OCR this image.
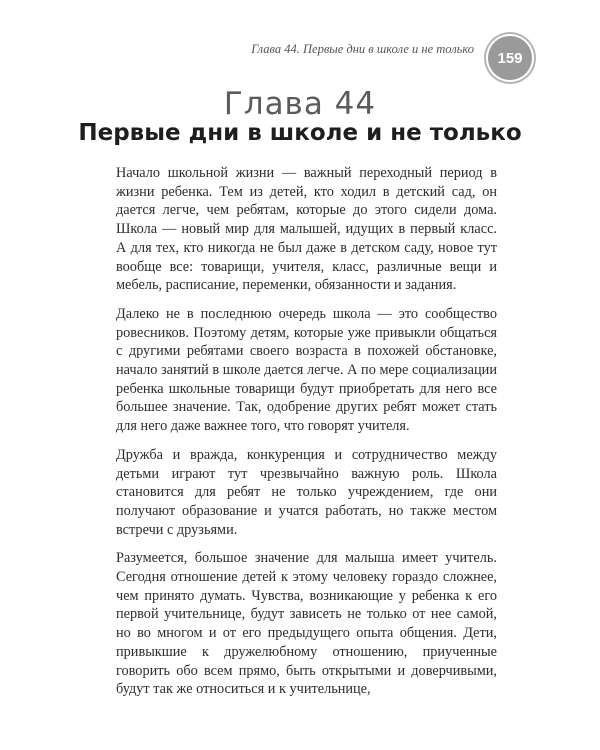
Глава 44. Первые дни в школе и не только
159
Глава 44
Первые дни в школе и не только

Начало школьной жизни — важный переходный период в жизни ребенка. Тем из детей, кто ходил в детский сад, он дается легче, чем ребятам, которые до этого сидели дома. Школа — новый мир для малышей, идущих в первый класс. А для тех, кто никогда не был даже в детском саду, новое тут вообще все: товарищи, учителя, класс, различные вещи и мебель, расписание, переменки, обязанности и задания.

Далеко не в последнюю очередь школа — это сообщество ровесников. Поэтому детям, которые уже привыкли общаться с другими ребятами своего возраста в похожей обстановке, начало занятий в школе дается легче. А по мере социализации ребенка школьные товарищи будут приобретать для него все большее значение. Так, одобрение других ребят может стать для него даже важнее того, что говорят учителя.

Дружба и вражда, конкуренция и сотрудничество между детьми играют тут чрезвычайно важную роль. Школа становится для ребят не только учреждением, где они получают образование и учатся работать, но также местом встречи с друзьями.

Разумеется, большое значение для малыша имеет учитель. Сегодня отношение детей к этому человеку гораздо сложнее, чем принято думать. Чувства, возникающие у ребенка к его первой учительнице, будут зависеть не только от нее самой, но во многом и от его предыдущего опыта общения. Дети, привыкшие к дружелюбному отношению, приученные говорить обо всем прямо, быть открытыми и доверчивыми, будут так же относиться и к учительнице,
